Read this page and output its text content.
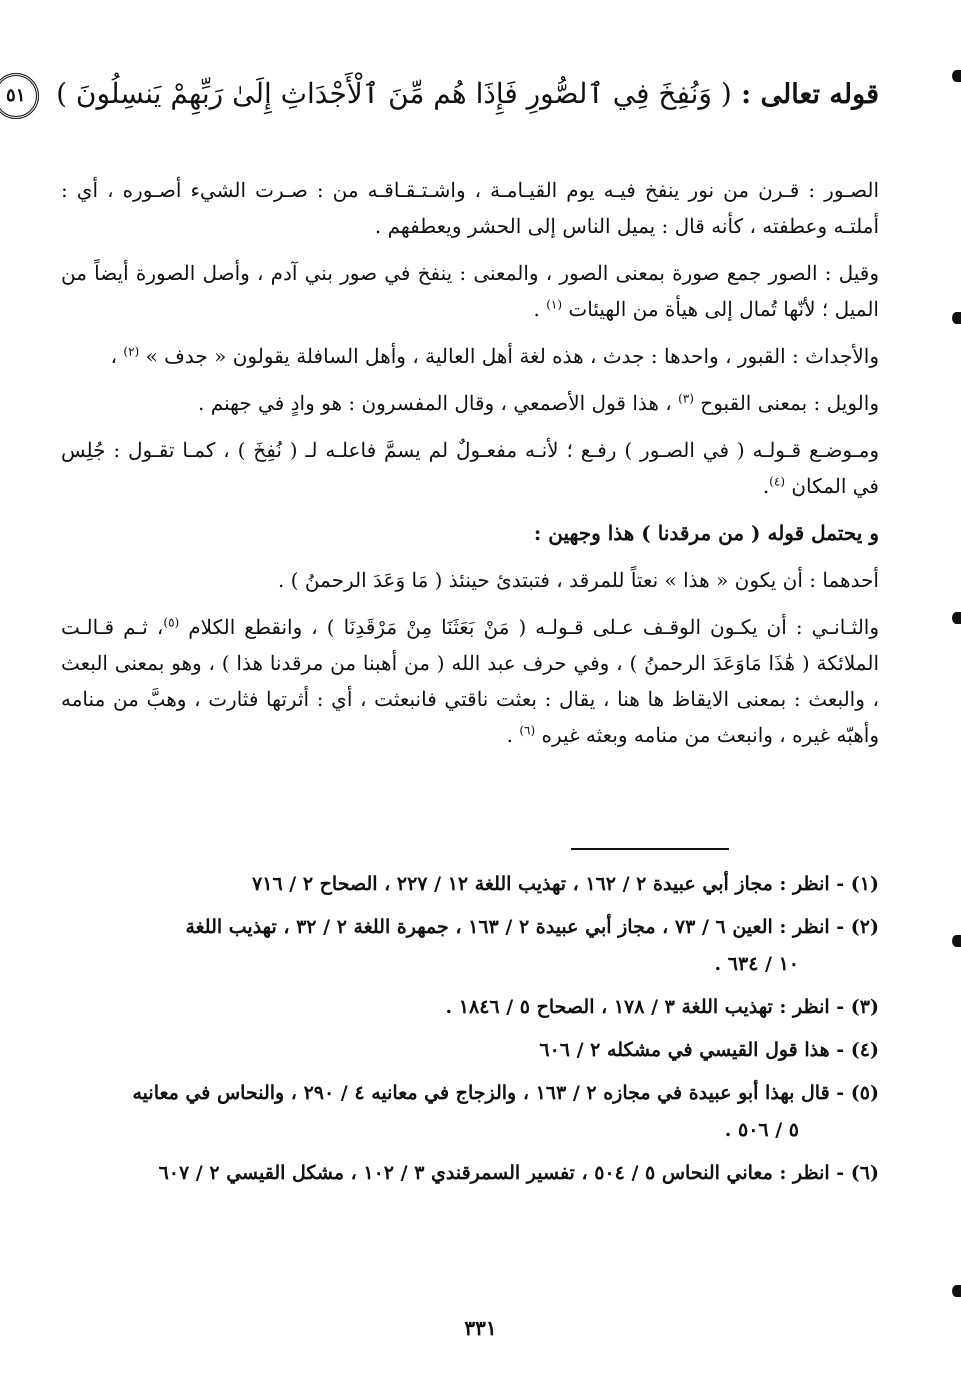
قوله تعالى : ( وَنُفِخَ فِي ٱلصُّورِ فَإِذَا هُم مِّنَ ٱلْأَجْدَاثِ إِلَىٰ رَبِّهِمْ يَنسِلُونَ ) ٥١

الصـور : قـرن من نور ينفخ فيـه يوم القيـامـة ، واشـتـقـاقـه من : صـرت الشيء أصـوره ، أي : أملتـه وعطفته ، كأنه قال : يميل الناس إلى الحشر ويعطفهم .

وقيل : الصور جمع صورة بمعنى الصور ، والمعنى : ينفخ في صور بني آدم ، وأصل الصورة أيضاً من الميل ؛ لأنّها تُمال إلى هيأة من الهيئات $^{(١)}$ .

والأجداث : القبور ، واحدها : جدث ، هذه لغة أهل العالية ، وأهل السافلة يقولون « جدف » $^{(٢)}$ ،

والويل : بمعنى القبوح $^{(٣)}$ ، هذا قول الأصمعي ، وقال المفسرون : هو وادٍ في جهنم .

ومـوضـع قـولـه ( في الصـور ) رفـع ؛ لأنـه مفعـولٌ لم يسمَّ فاعلـه لـ ( نُفِخَ ) ، كمـا تقـول : جُلِس في المكان $^{(٤)}$.

و يحتمل قوله ( من مرقدنا ) هذا وجهين :

أحدهما : أن يكون « هذا » نعتاً للمرقد ، فتبتدئ حينئذ ( مَا وَعَدَ الرحمنُ ) .

والثـانـي : أن يكـون الوقـف عـلى قـولـه ( مَنْ بَعَثَنَا مِنْ مَرْقَدِنَا ) ، وانقطع الكلام $^{(٥)}$، ثـم قـالـت الملائكة ( هَٰذَا مَاوَعَدَ الرحمنُ ) ، وفي حرف عبد الله ( من أهبنا من مرقدنا هذا ) ، وهو بمعنى البعث ، والبعث : بمعنى الايقاظ ها هنا ، يقال : بعثت ناقتي فانبعثت ، أي : أثرتها فثارت ، وهبَّ من منامه وأهبّه غيره ، وانبعث من منامه وبعثه غيره $^{(٦)}$ .

(١) - انظر : مجاز أبي عبيدة ٢ / ١٦٢ ، تهذيب اللغة ١٢ / ٢٢٧ ، الصحاح ٢ / ٧١٦
(٢) - انظر : العين ٦ / ٧٣ ، مجاز أبي عبيدة ٢ / ١٦٣ ، جمهرة اللغة ٢ / ٣٢ ، تهذيب اللغة
١٠ / ٦٣٤ .
(٣) - انظر : تهذيب اللغة ٣ / ١٧٨ ، الصحاح ٥ / ١٨٤٦ .
(٤) - هذا قول القيسي في مشكله ٢ / ٦٠٦
(٥) - قال بهذا أبو عبيدة في مجازه ٢ / ١٦٣ ، والزجاج في معانيه ٤ / ٢٩٠ ، والنحاس في معانيه
٥ / ٥٠٦ .
(٦) - انظر : معاني النحاس ٥ / ٥٠٤ ، تفسير السمرقندي ٣ / ١٠٢ ، مشكل القيسي ٢ / ٦٠٧
٣٣١
